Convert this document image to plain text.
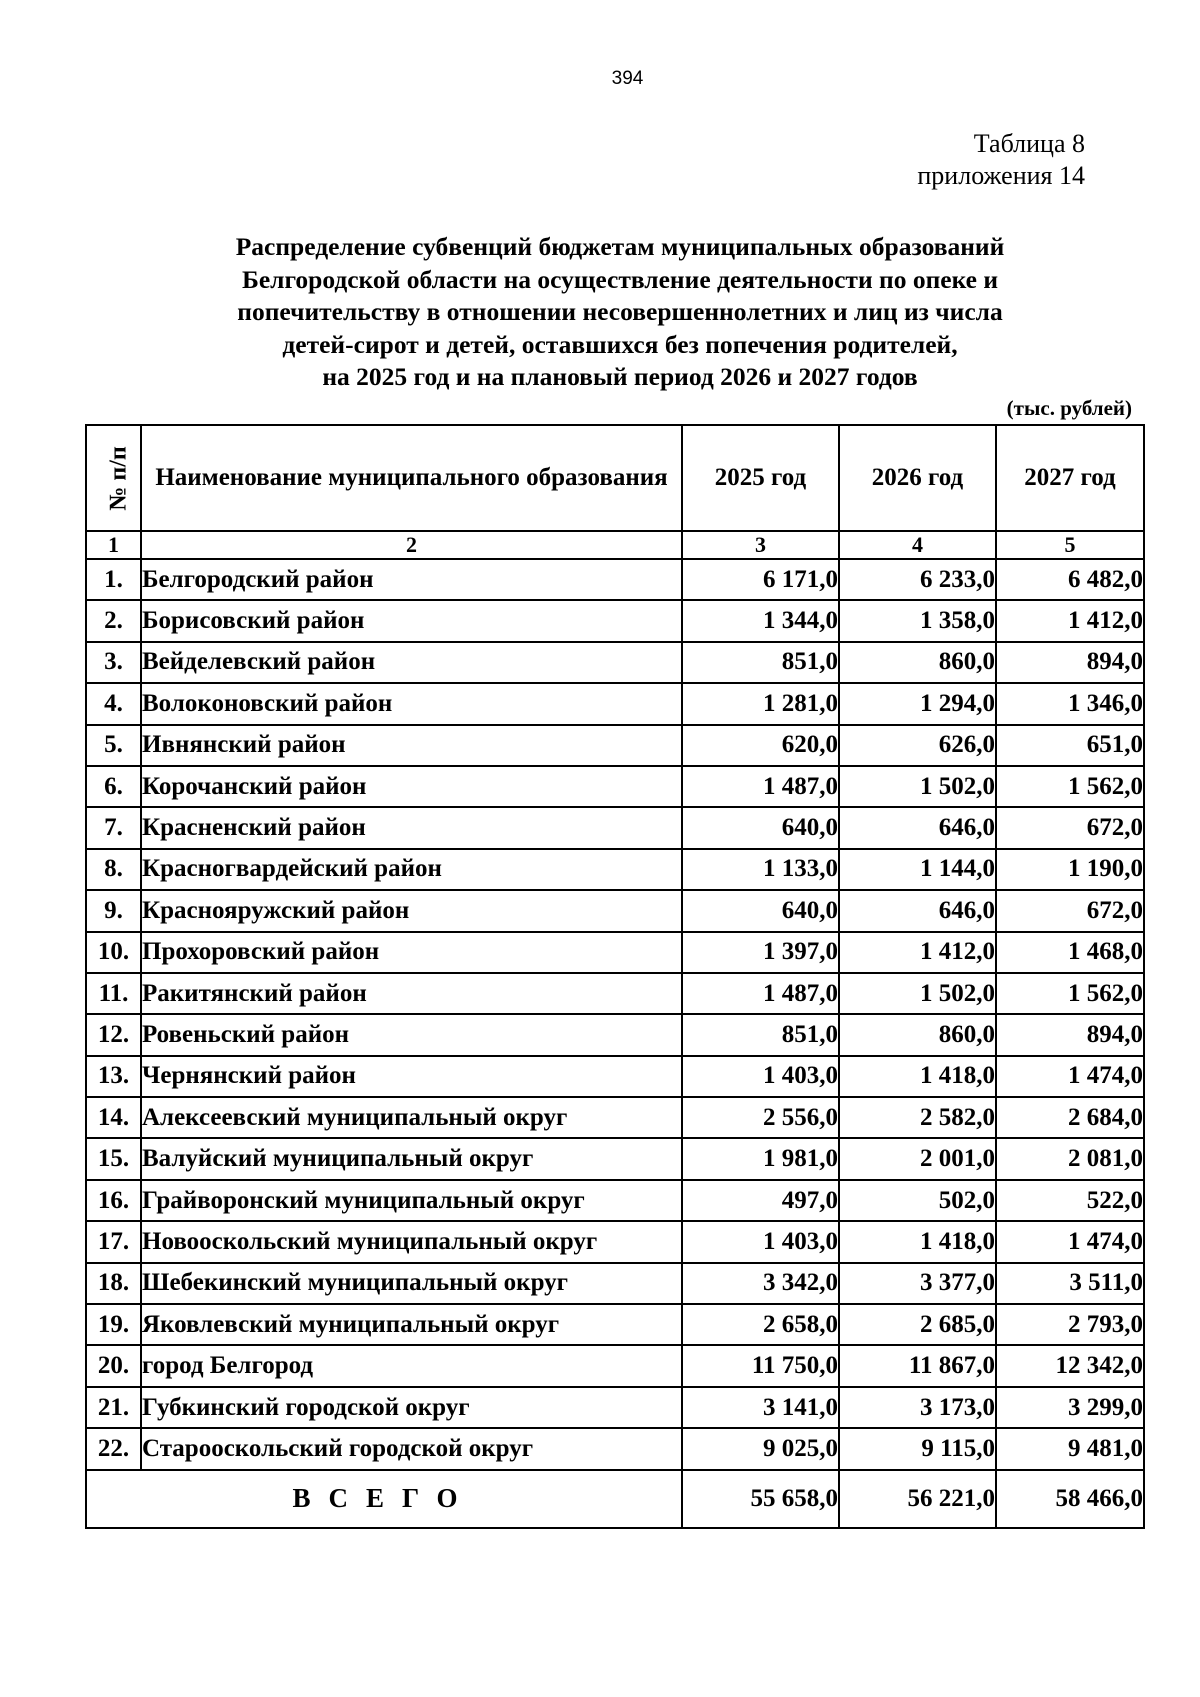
394
Таблица 8
приложения 14
Распределение субвенций бюджетам муниципальных образований
Белгородской области на осуществление деятельности по опеке и
попечительству в отношении несовершеннолетних и лиц из числа
детей-сирот и детей, оставшихся без попечения родителей,
на 2025 год и на плановый период 2026 и 2027 годов
(тыс. рублей)
№ п/п	Наименование муниципального образования	2025 год	2026 год	2027 год
1	2	3	4	5
1.	Белгородский район	6 171,0	6 233,0	6 482,0
2.	Борисовский район	1 344,0	1 358,0	1 412,0
3.	Вейделевский район	851,0	860,0	894,0
4.	Волоконовский район	1 281,0	1 294,0	1 346,0
5.	Ивнянский район	620,0	626,0	651,0
6.	Корочанский район	1 487,0	1 502,0	1 562,0
7.	Красненский район	640,0	646,0	672,0
8.	Красногвардейский район	1 133,0	1 144,0	1 190,0
9.	Краснояружский район	640,0	646,0	672,0
10.	Прохоровский район	1 397,0	1 412,0	1 468,0
11.	Ракитянский район	1 487,0	1 502,0	1 562,0
12.	Ровеньский район	851,0	860,0	894,0
13.	Чернянский район	1 403,0	1 418,0	1 474,0
14.	Алексеевский муниципальный округ	2 556,0	2 582,0	2 684,0
15.	Валуйский муниципальный округ	1 981,0	2 001,0	2 081,0
16.	Грайворонский муниципальный округ	497,0	502,0	522,0
17.	Новооскольский муниципальный округ	1 403,0	1 418,0	1 474,0
18.	Шебекинский муниципальный округ	3 342,0	3 377,0	3 511,0
19.	Яковлевский муниципальный округ	2 658,0	2 685,0	2 793,0
20.	город Белгород	11 750,0	11 867,0	12 342,0
21.	Губкинский городской округ	3 141,0	3 173,0	3 299,0
22.	Старооскольский городской округ	9 025,0	9 115,0	9 481,0
ВСЕГО		55 658,0	56 221,0	58 466,0
